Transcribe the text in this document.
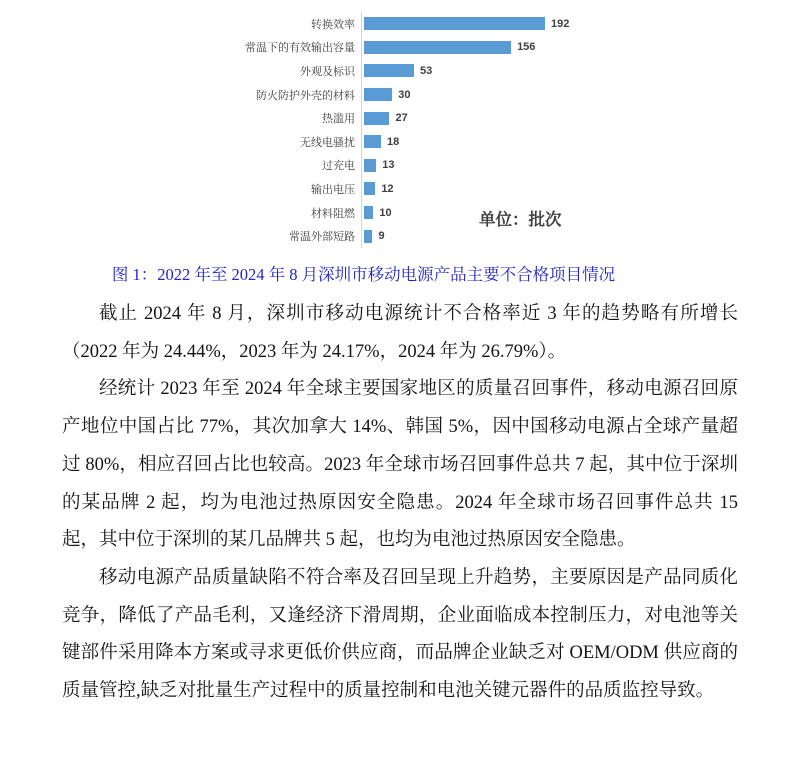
转换效率	192
常温下的有效输出容量	156
外观及标识	53
防火防护外壳的材料	30
热滥用	27
无线电骚扰	18
过充电	13
输出电压	12
材料阻燃	10
常温外部短路	9
单位：批次
图 1：2022 年至 2024 年 8 月深圳市移动电源产品主要不合格项目情况

截止 2024 年 8 月，深圳市移动电源统计不合格率近 3 年的趋势略有所增长（2022 年为 24.44%，2023 年为 24.17%，2024 年为 26.79%）。

经统计 2023 年至 2024 年全球主要国家地区的质量召回事件，移动电源召回原产地位中国占比 77%，其次加拿大 14%、韩国 5%，因中国移动电源占全球产量超过 80%，相应召回占比也较高。2023 年全球市场召回事件总共 7 起，其中位于深圳的某品牌 2 起，均为电池过热原因安全隐患。2024 年全球市场召回事件总共 15 起，其中位于深圳的某几品牌共 5 起，也均为电池过热原因安全隐患。

移动电源产品质量缺陷不符合率及召回呈现上升趋势，主要原因是产品同质化竞争，降低了产品毛利，又逢经济下滑周期，企业面临成本控制压力，对电池等关键部件采用降本方案或寻求更低价供应商，而品牌企业缺乏对 OEM/ODM 供应商的质量管控,缺乏对批量生产过程中的质量控制和电池关键元器件的品质监控导致。
